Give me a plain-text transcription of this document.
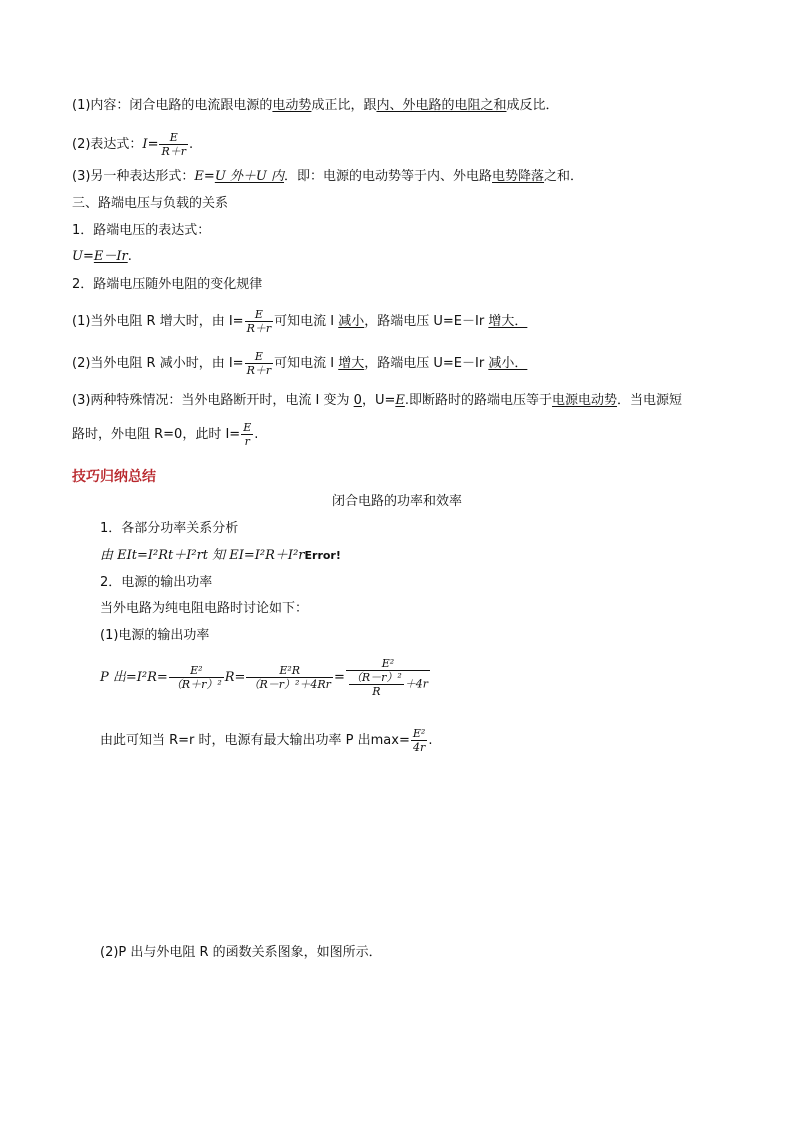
(1)内容：闭合电路的电流跟电源的电动势成正比，跟内、外电路的电阻之和成反比．
(2)表达式：$I= \frac{E}{R+r}$ .
(3)另一种表达形式：E=U 外＋U 内．即：电源的电动势等于内、外电路电势降落之和．
三、路端电压与负载的关系
1．路端电压的表达式：
U=E－Ir.
2．路端电压随外电阻的变化规律
(1)当外电阻 R 增大时，由 $I= \frac{E}{R+r}$ 可知电流 I 减小，路端电压 U=E－Ir 增大．
(2)当外电阻 R 减小时，由 $I= \frac{E}{R+r}$ 可知电流 I 增大，路端电压 U=E－Ir 减小．
(3)两种特殊情况：当外电路断开时，电流 I 变为 0，U=E.即断路时的路端电压等于电源电动势．当电源短
路时，外电阻 R=0，此时 $I= \frac{E}{r}$ .
技巧归纳总结
闭合电路的功率和效率
1．各部分功率关系分析
由 EIt=I²Rt＋I²rt 知 EI=I²R＋I²rError!
2．电源的输出功率
当外电路为纯电阻电路时讨论如下：
(1)电源的输出功率
P 出$=I^2R= \frac{\text{E²}}{\text{（R＋r）²}} R= \frac{\text{E²R}}{\text{（R－r）²＋4Rr}} = \frac{\text{E²}}{\frac{\text{（R－r）²}}{R} +4r}$
由此可知当 R=r 时，电源有最大输出功率 P 出$\max= \frac{\text{E²}}{4r}$ .
(2)P 出与外电阻 R 的函数关系图象，如图所示．
